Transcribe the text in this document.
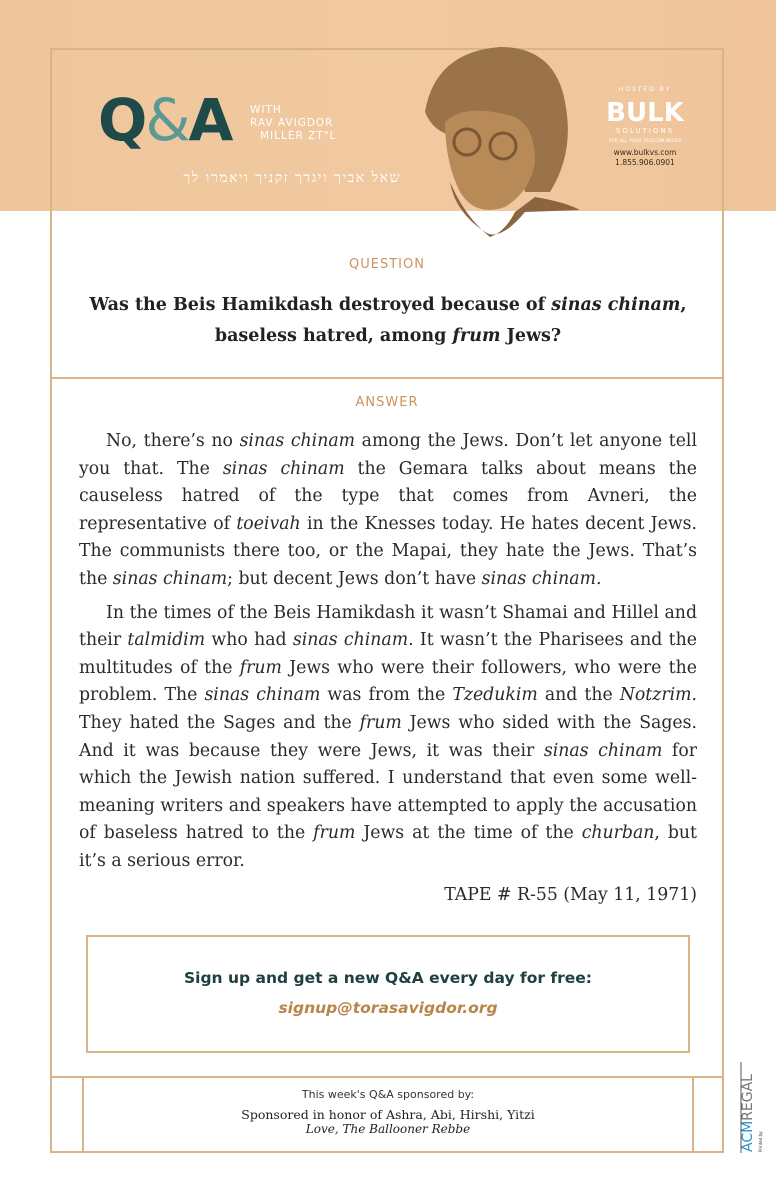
Q&A WITH
RAV AVIGDOR
MILLER ZT"L
שאל אביך ויגדך זקניך ויאמרו לך
HOSTED BY
BULK
SOLUTIONS
FOR ALL YOUR TELECOM NEEDS
www.bulkvs.com
1.855.906.0901
QUESTION
Was the Beis Hamikdash destroyed because of sinas chinam, baseless hatred, among frum Jews?
ANSWER

No, there’s no sinas chinam among the Jews. Don’t let anyone tell you that. The sinas chinam the Gemara talks about means the causeless hatred of the type that comes from Avneri, the representative of toeivah in the Knesses today. He hates decent Jews. The communists there too, or the Mapai, they hate the Jews. That’s the sinas chinam; but decent Jews don’t have sinas chinam.

In the times of the Beis Hamikdash it wasn’t Shamai and Hillel and their talmidim who had sinas chinam. It wasn’t the Pharisees and the multitudes of the frum Jews who were their followers, who were the problem. The sinas chinam was from the Tzedukim and the Notzrim. They hated the Sages and the frum Jews who sided with the Sages. And it was because they were Jews, it was their sinas chinam for which the Jewish nation suffered. I understand that even some well-meaning writers and speakers have attempted to apply the accusation of baseless hatred to the frum Jews at the time of the churban, but it’s a serious error.

TAPE # R-55 (May 11, 1971)

Sign up and get a new Q&A every day for free:
signup@torasavigdor.org
This week's Q&A sponsored by:
Sponsored in honor of Ashra, Abi, Hirshi, Yitzi
Love, The Ballooner Rebbe	ACMREGAL
Printed by:
